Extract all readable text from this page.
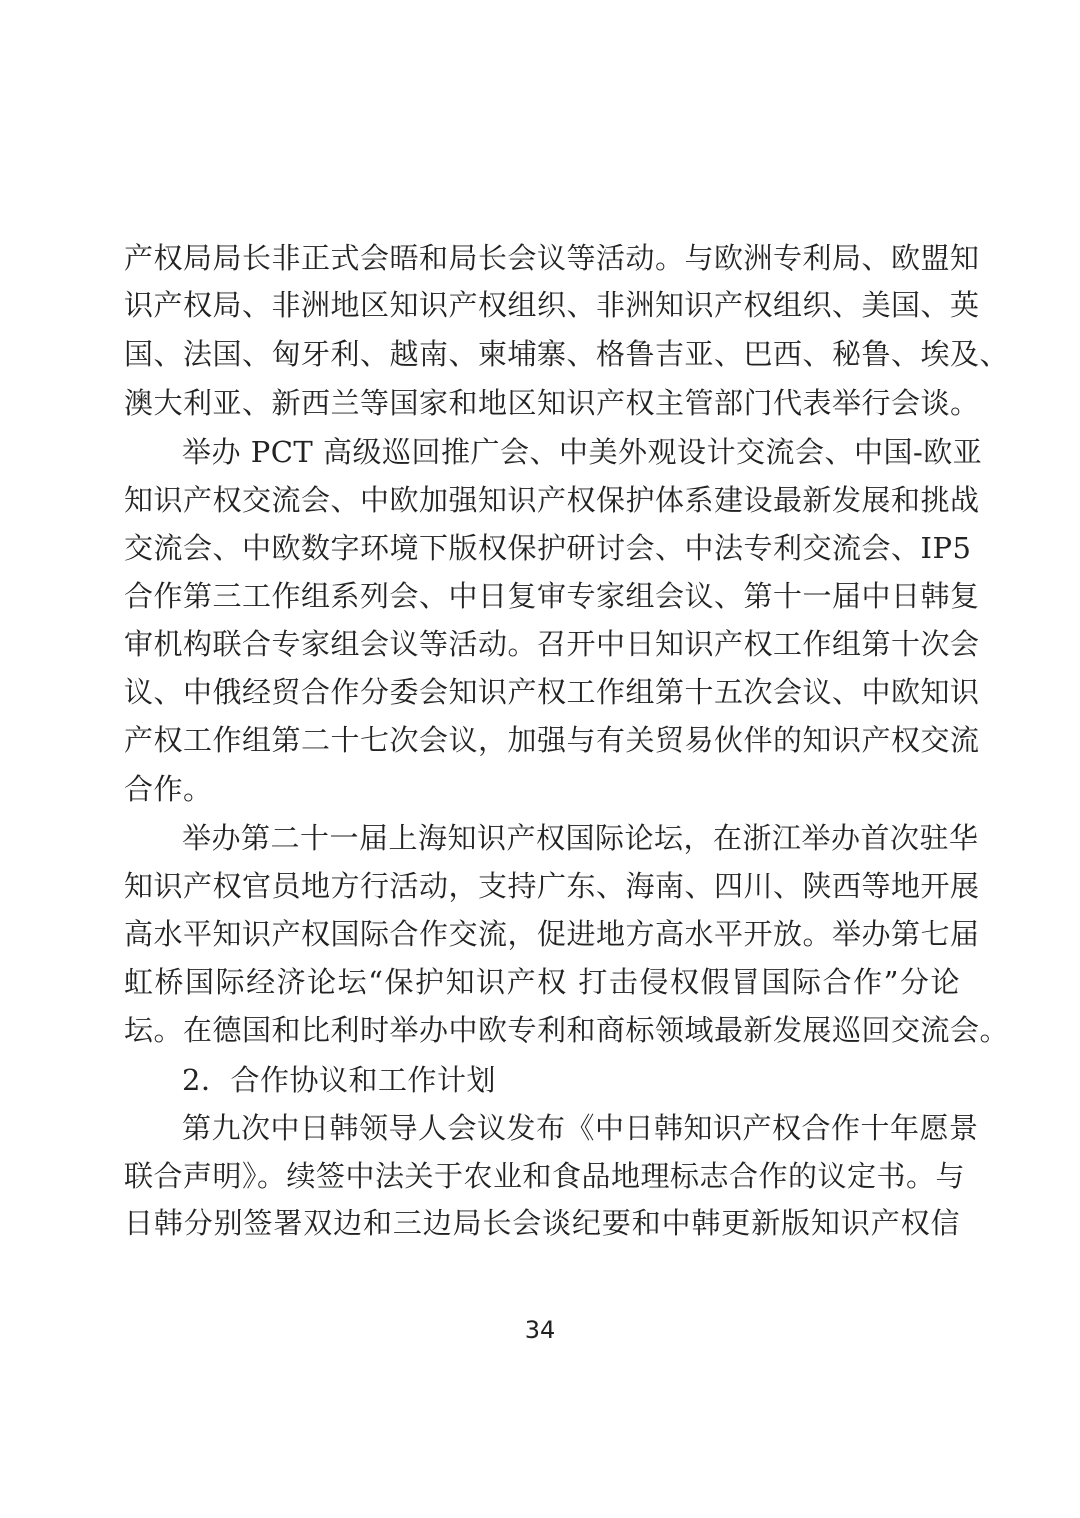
产权局局长非正式会晤和局长会议等活动。与欧洲专利局、欧盟知

识产权局、非洲地区知识产权组织、非洲知识产权组织、美国、英

国、法国、匈牙利、越南、柬埔寨、格鲁吉亚、巴西、秘鲁、埃及、

澳大利亚、新西兰等国家和地区知识产权主管部门代表举行会谈。

举办 PCT 高级巡回推广会、中美外观设计交流会、中国-欧亚

知识产权交流会、中欧加强知识产权保护体系建设最新发展和挑战

交流会、中欧数字环境下版权保护研讨会、中法专利交流会、IP5

合作第三工作组系列会、中日复审专家组会议、第十一届中日韩复

审机构联合专家组会议等活动。召开中日知识产权工作组第十次会

议、中俄经贸合作分委会知识产权工作组第十五次会议、中欧知识

产权工作组第二十七次会议，加强与有关贸易伙伴的知识产权交流

合作。

举办第二十一届上海知识产权国际论坛，在浙江举办首次驻华

知识产权官员地方行活动，支持广东、海南、四川、陕西等地开展

高水平知识产权国际合作交流，促进地方高水平开放。举办第七届

虹桥国际经济论坛“保护知识产权 打击侵权假冒国际合作”分论

坛。在德国和比利时举办中欧专利和商标领域最新发展巡回交流会。

2．合作协议和工作计划

第九次中日韩领导人会议发布《中日韩知识产权合作十年愿景

联合声明》。续签中法关于农业和食品地理标志合作的议定书。与

日韩分别签署双边和三边局长会谈纪要和中韩更新版知识产权信

34
